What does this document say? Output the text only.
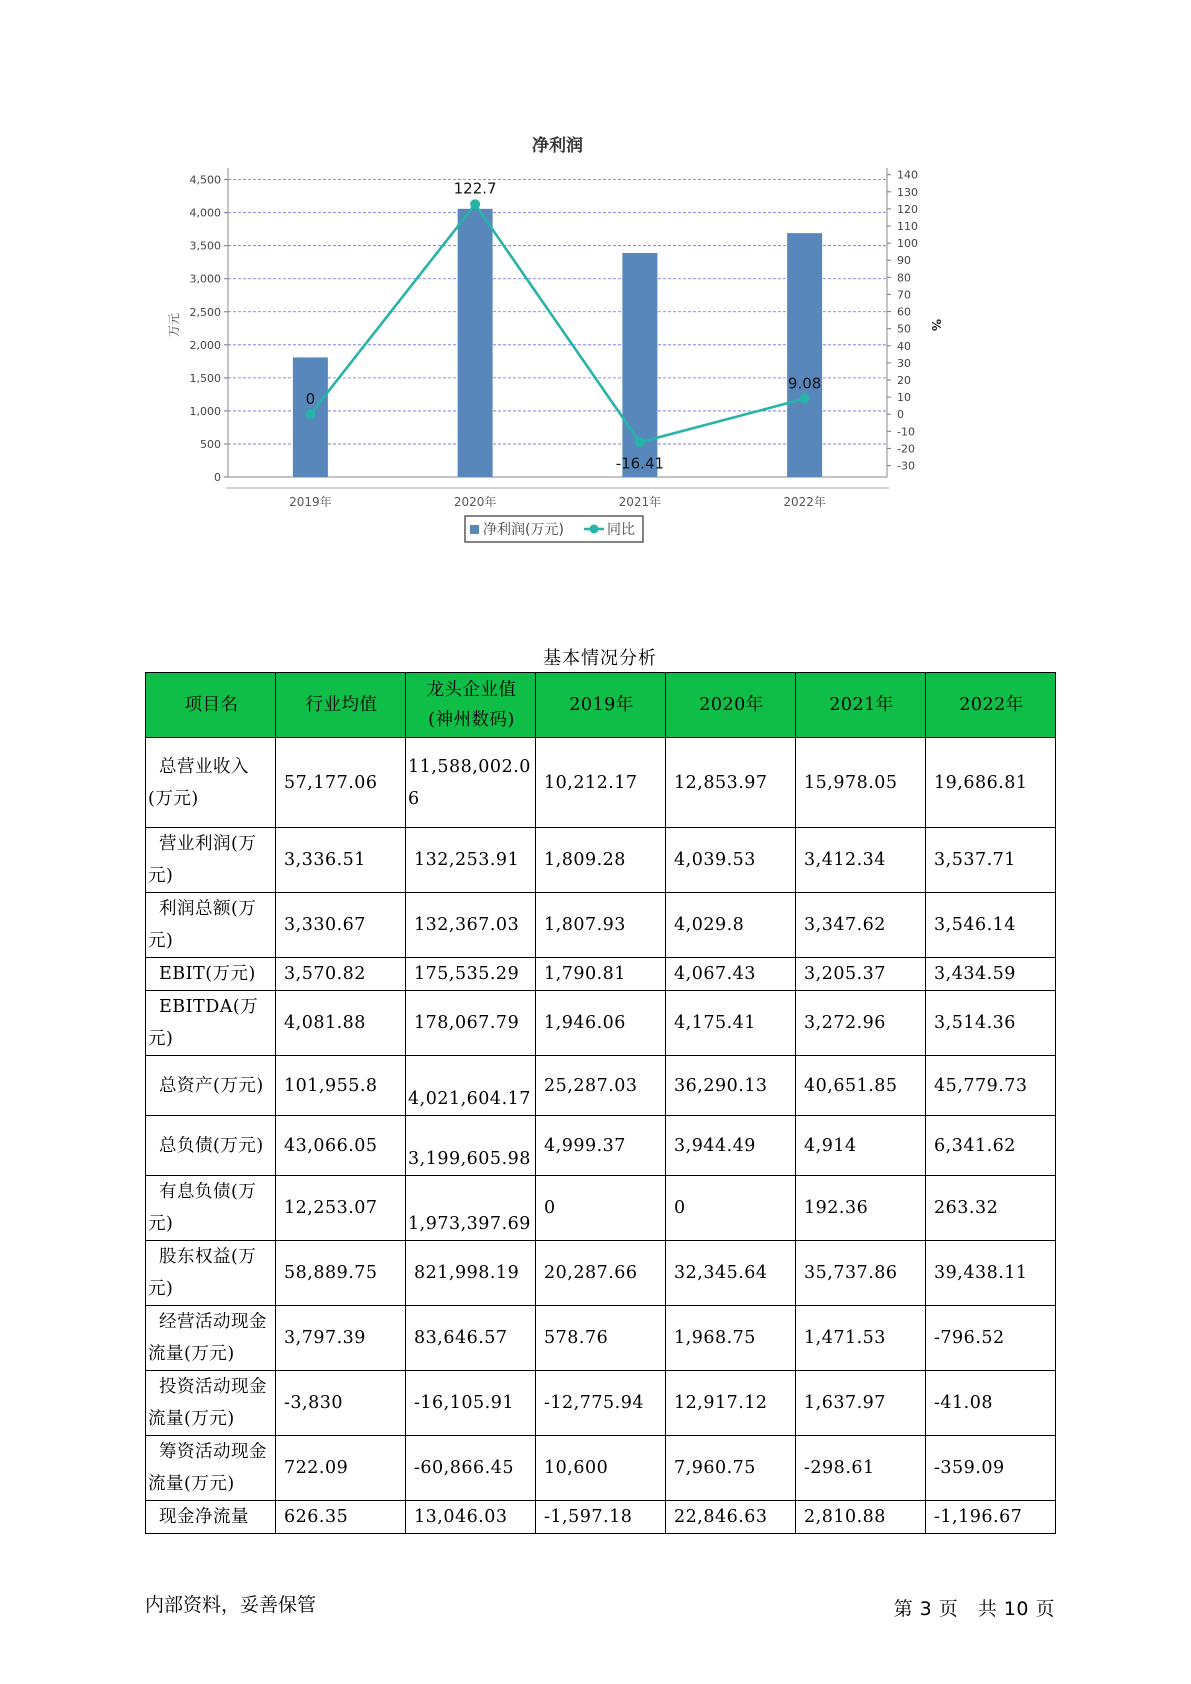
净利润
0
500
1,000
1,500
2,000
2,500
3,000
3,500
4,000
4,500
-30
-20
-10
0
10
20
30
40
50
60
70
80
90
100
110
120
130
140
万元	%
2019年	2020年	2021年	2022年
0
122.7
-16.41
9.08
净利润(万元)	同比
基本情况分析
项目名	行业均值	龙头企业值
(神州数码)	2019年	2020年	2021年	2022年

总营业收入
(万元)	57,177.06	11,588,002.06	10,212.17	12,853.97	15,978.05	19,686.81

营业利润(万
元)	3,336.51	132,253.91	1,809.28	4,039.53	3,412.34	3,537.71

利润总额(万
元)	3,330.67	132,367.03	1,807.93	4,029.8	3,347.62	3,546.14

EBIT(万元)	3,570.82	175,535.29	1,790.81	4,067.43	3,205.37	3,434.59

EBITDA(万元)	4,081.88	178,067.79	1,946.06	4,175.41	3,272.96	3,514.36

总资产(万元)	101,955.8	4,021,604.17	25,287.03	36,290.13	40,651.85	45,779.73

总负债(万元)	43,066.05	3,199,605.98	4,999.37	3,944.49	4,914	6,341.62

有息负债(万
元)	12,253.07	1,973,397.69	0	0	192.36	263.32

股东权益(万
元)	58,889.75	821,998.19	20,287.66	32,345.64	35,737.86	39,438.11

经营活动现金
流量(万元)	3,797.39	83,646.57	578.76	1,968.75	1,471.53	-796.52

投资活动现金
流量(万元)	-3,830	-16,105.91	-12,775.94	12,917.12	1,637.97	-41.08

筹资活动现金
流量(万元)	722.09	-60,866.45	10,600	7,960.75	-298.61	-359.09

现金净流量	626.35	13,046.03	-1,597.18	22,846.63	2,810.88	-1,196.67
内部资料，妥善保管	第 3 页　共 10 页
